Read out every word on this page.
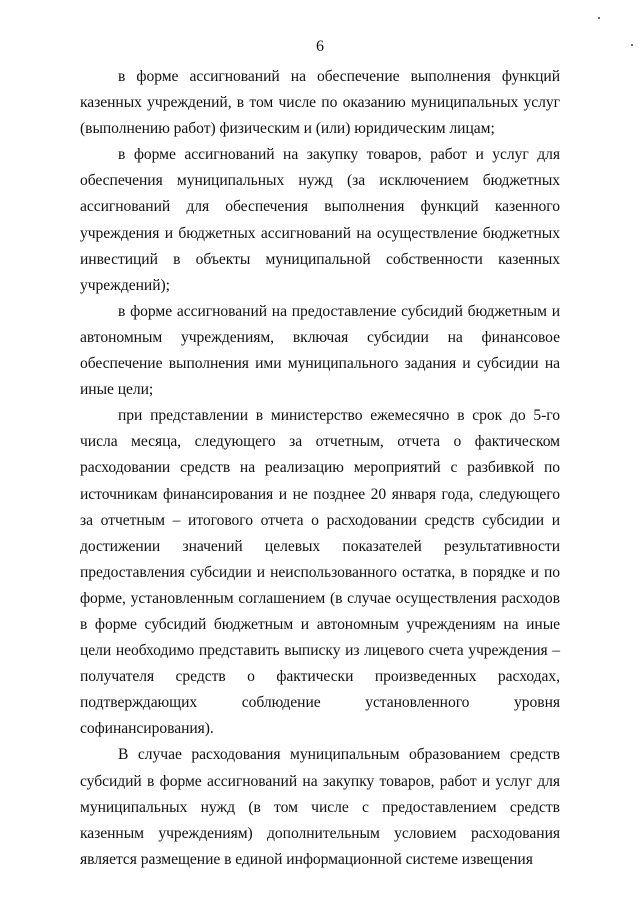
6

в форме ассигнований на обеспечение выполнения функций казенных учреждений, в том числе по оказанию муниципальных услуг (выполнению работ) физическим и (или) юридическим лицам;

в форме ассигнований на закупку товаров, работ и услуг для обеспечения муниципальных нужд (за исключением бюджетных ассигнований для обеспечения выполнения функций казенного учреждения и бюджетных ассигнований на осуществление бюджетных инвестиций в объекты муниципальной собственности казенных учреждений);

в форме ассигнований на предоставление субсидий бюджетным и автономным учреждениям, включая субсидии на финансовое обеспечение выполнения ими муниципального задания и субсидии на иные цели;

при представлении в министерство ежемесячно в срок до 5-го числа месяца, следующего за отчетным, отчета о фактическом расходовании средств на реализацию мероприятий с разбивкой по источникам финансирования и не позднее 20 января года, следующего за отчетным – итогового отчета о расходовании средств субсидии и достижении значений целевых показателей результативности предоставления субсидии и неиспользованного остатка, в порядке и по форме, установленным соглашением (в случае осуществления расходов в форме субсидий бюджетным и автономным учреждениям на иные цели необходимо представить выписку из лицевого счета учреждения – получателя средств о фактически произведенных расходах, подтверждающих соблюдение установленного уровня софинансирования).

В случае расходования муниципальным образованием средств субсидий в форме ассигнований на закупку товаров, работ и услуг для муниципальных нужд (в том числе с предоставлением средств казенным учреждениям) дополнительным условием расходования является размещение в единой информационной системе извещения
